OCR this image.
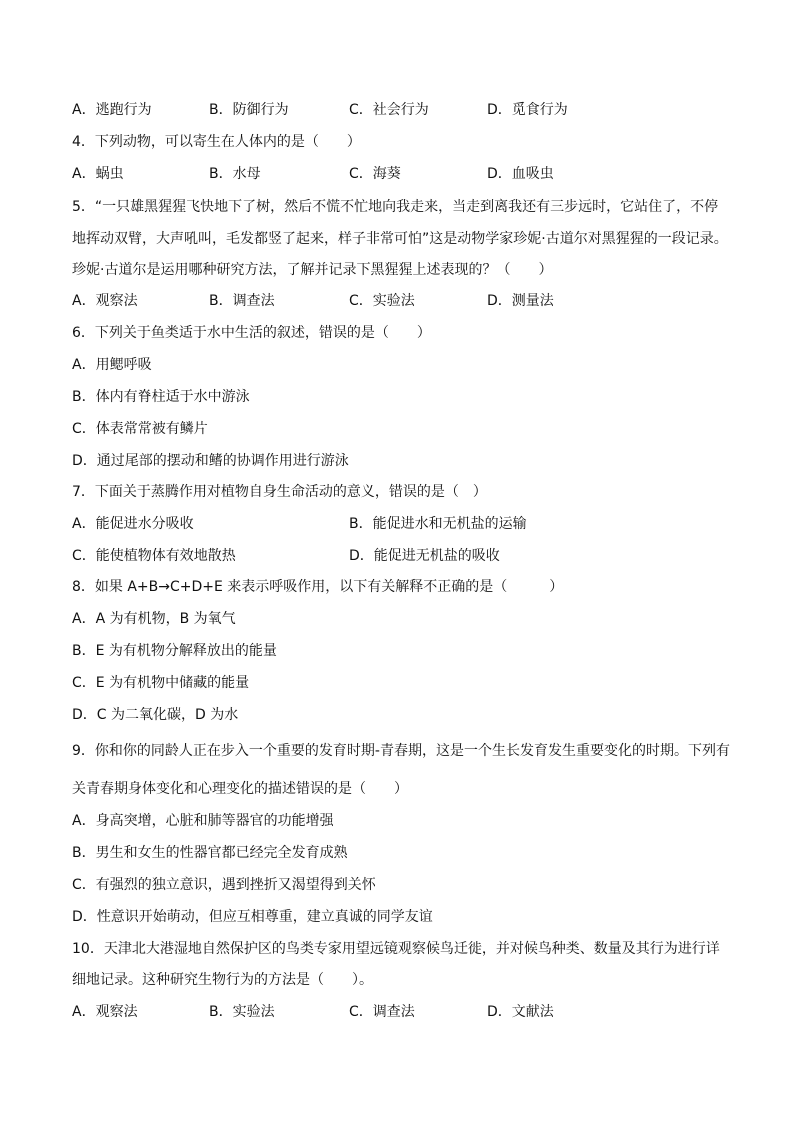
A．逃跑行为	B．防御行为	C．社会行为	D．觅食行为
4．下列动物，可以寄生在人体内的是（　　）
A．蜗虫	B．水母	C．海葵	D．血吸虫
5．“一只雄黑猩猩飞快地下了树，然后不慌不忙地向我走来，当走到离我还有三步远时，它站住了，不停
地挥动双臂，大声吼叫，毛发都竖了起来，样子非常可怕”这是动物学家珍妮·古道尔对黑猩猩的一段记录。
珍妮·古道尔是运用哪种研究方法，了解并记录下黑猩猩上述表现的？（　　）
A．观察法	B．调查法	C．实验法	D．测量法
6．下列关于鱼类适于水中生活的叙述，错误的是（　　）
A．用鳃呼吸
B．体内有脊柱适于水中游泳
C．体表常常被有鳞片
D．通过尾部的摆动和鳍的协调作用进行游泳
7．下面关于蒸腾作用对植物自身生命活动的意义，错误的是（　）
A．能促进水分吸收	B．能促进水和无机盐的运输
C．能使植物体有效地散热	D．能促进无机盐的吸收
8．如果 A+B→C+D+E 来表示呼吸作用，以下有关解释不正确的是（　　　）
A．A 为有机物，B 为氧气
B．E 为有机物分解释放出的能量
C．E 为有机物中储藏的能量
D．C 为二氧化碳，D 为水
9．你和你的同龄人正在步入一个重要的发育时期-青春期，这是一个生长发育发生重要变化的时期。下列有
关青春期身体变化和心理变化的描述错误的是（　　）
A．身高突增，心脏和肺等器官的功能增强
B．男生和女生的性器官都已经完全发育成熟
C．有强烈的独立意识，遇到挫折又渴望得到关怀
D．性意识开始萌动，但应互相尊重，建立真诚的同学友谊
10．天津北大港湿地自然保护区的鸟类专家用望远镜观察候鸟迁徙，并对候鸟种类、数量及其行为进行详
细地记录。这种研究生物行为的方法是（　　）。
A．观察法	B．实验法	C．调查法	D．文献法
